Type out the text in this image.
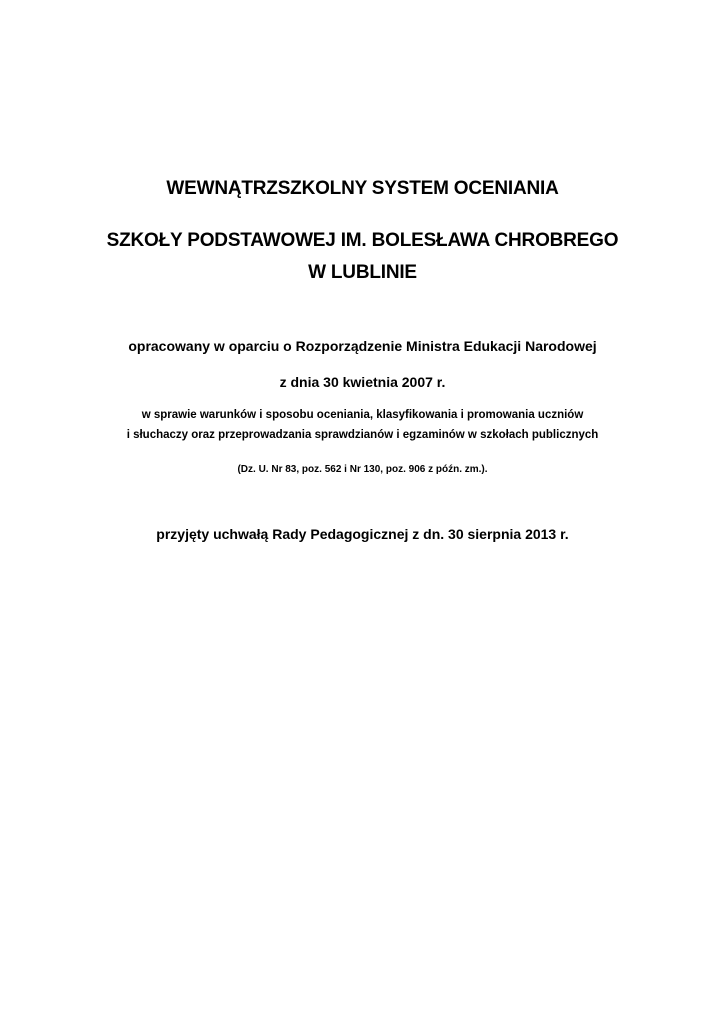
WEWNĄTRZSZKOLNY SYSTEM OCENIANIA

SZKOŁY PODSTAWOWEJ IM. BOLESŁAWA CHROBREGO

W LUBLINIE

opracowany w oparciu o Rozporządzenie Ministra Edukacji Narodowej

z dnia 30 kwietnia 2007 r.

w sprawie warunków i sposobu oceniania, klasyfikowania i promowania uczniów

i słuchaczy oraz przeprowadzania sprawdzianów i egzaminów w szkołach publicznych

(Dz. U. Nr 83, poz. 562 i Nr 130, poz. 906 z późn. zm.).

przyjęty uchwałą Rady Pedagogicznej z dn. 30 sierpnia 2013 r.
